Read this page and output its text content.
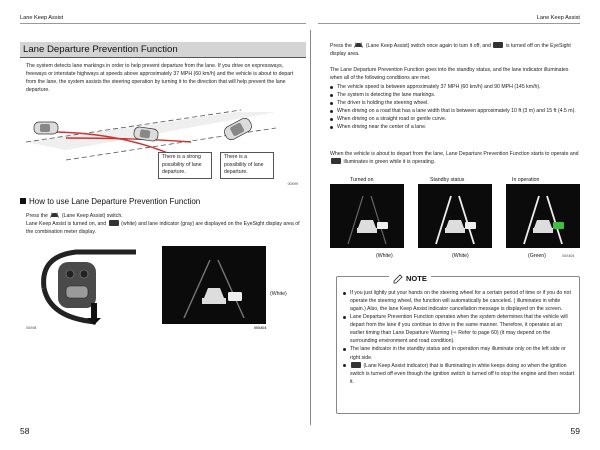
Lane Keep Assist	Lane Keep Assist
Lane Departure Prevention Function
The system detects lane markings in order to help prevent departure from the lane. If you drive on expressways, freeways or interstate highways at speeds above approximately 37 MPH (60 km/h) and the vehicle is about to depart from the lane, the system assists the steering operation by turning it to the direction that will help prevent the lane departure.
There is a strong possibility of lane departure.
There is a possibility of lane departure.
00X99
How to use Lane Departure Prevention Function

Press the	(Lane Keep Assist) switch.

Lane Keep Assist is turned on, and	(white) and lane indicator (gray) are displayed on the EyeSight display area of the combination meter display.

(White)
00X98	00X403
58
Press the	(Lane Keep Assist) switch once again to turn it off, and	is turned off on the EyeSight display area.
The Lane Departure Prevention Function goes into the standby status, and the lane indicator illuminates when all of the following conditions are met.
The vehicle speed is between approximately 37 MPH (60 km/h) and 90 MPH (145 km/h).
The system is detecting the lane markings.
The driver is holding the steering wheel.
When driving on a road that has a lane width that is between approximately 10 ft (3 m) and 15 ft (4.5 m).
When driving on a straight road or gentle curve.
When driving near the center of a lane.
When the vehicle is about to depart from the lane, Lane Departure Prevention Function starts to operate and  illuminates in green while it is operating.
Turned on	Standby status	In operation
(White)	(White)	(Green)	00X404
NOTE
If you just lightly put your hands on the steering wheel for a certain period of time or if you do not operate the steering wheel, the function will automatically be canceled. ( illuminates in white again.) Also, the lane Keep Assist indicator cancellation message is displayed on the screen.
Lane Departure Prevention Function operates when the system determines that the vehicle will depart from the lane if you continue to drive in the same manner. Therefore, it operates at an earlier timing than Lane Departure Warning (⇨ Refer to page 60) (it may depend on the surrounding environment and road condition).
The lane indicator in the standby status and in operation may illuminate only on the left side or right side.
(Lane Keep Assist indicator) that is illuminating in white keeps doing so when the ignition switch is turned off even though the ignition switch is turned off to stop the engine and then restart it.
59
